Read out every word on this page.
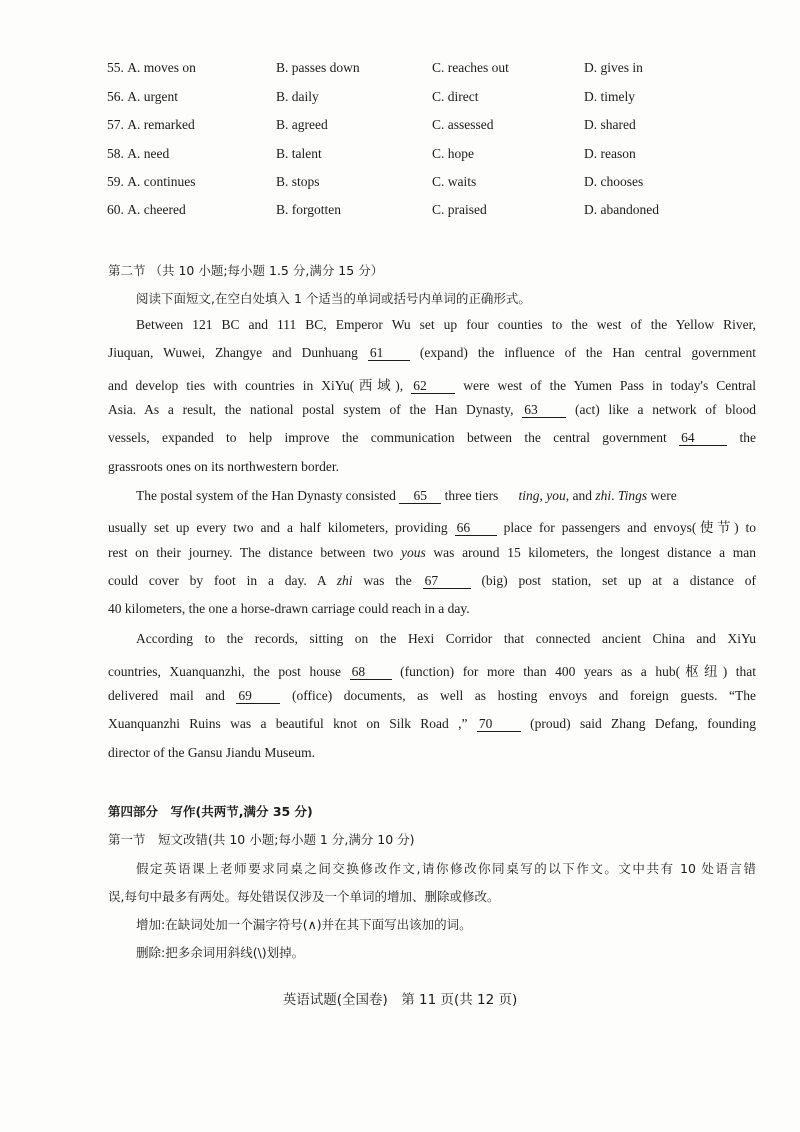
55. A. moves on	B. passes down	C. reaches out	D. gives in
56. A. urgent	B. daily	C. direct	D. timely
57. A. remarked	B. agreed	C. assessed	D. shared
58. A. need	B. talent	C. hope	D. reason
59. A. continues	B. stops	C. waits	D. chooses
60. A. cheered	B. forgotten	C. praised	D. abandoned
第二节 （共 10 小题;每小题 1.5 分,满分 15 分）
阅读下面短文,在空白处填入 1 个适当的单词或括号内单词的正确形式。
Between 121 BC and 111 BC, Emperor Wu set up four counties to the west of the Yellow River,
Jiuquan, Wuwei, Zhangye and Dunhuang 61	(expand) the influence of the Han central government
and develop ties with countries in XiYu(西域), 62	were west of the Yumen Pass in today's Central
Asia. As a result, the national postal system of the Han Dynasty, 63	(act) like a network of blood
vessels, expanded to help improve the communication between the central government 64	the
grassroots ones on its northwestern border.
The postal system of the Han Dynasty consisted 65 three tiers ting, you, and zhi. Tings were
usually set up every two and a half kilometers, providing 66 place for passengers and envoys(使节) to
rest on their journey. The distance between two yous was around 15 kilometers, the longest distance a man
could cover by foot in a day. A zhi was the 67	(big) post station, set up at a distance of
40 kilometers, the one a horse-drawn carriage could reach in a day.
According to the records, sitting on the Hexi Corridor that connected ancient China and XiYu
countries, Xuanquanzhi, the post house 68	(function) for more than 400 years as a hub(枢纽) that
delivered mail and 69	(office) documents, as well as hosting envoys and foreign guests. “The
Xuanquanzhi Ruins was a beautiful knot on Silk Road ,” 70	(proud) said Zhang Defang, founding
director of the Gansu Jiandu Museum.
第四部分　写作(共两节,满分 35 分)
第一节　短文改错(共 10 小题;每小题 1 分,满分 10 分)
假定英语课上老师要求同桌之间交换修改作文,请你修改你同桌写的以下作文。文中共有 10 处语言错
误,每句中最多有两处。每处错误仅涉及一个单词的增加、删除或修改。
增加:在缺词处加一个漏字符号(∧)并在其下面写出该加的词。
删除:把多余词用斜线(\)划掉。
英语试题(全国卷)　第 11 页(共 12 页)
